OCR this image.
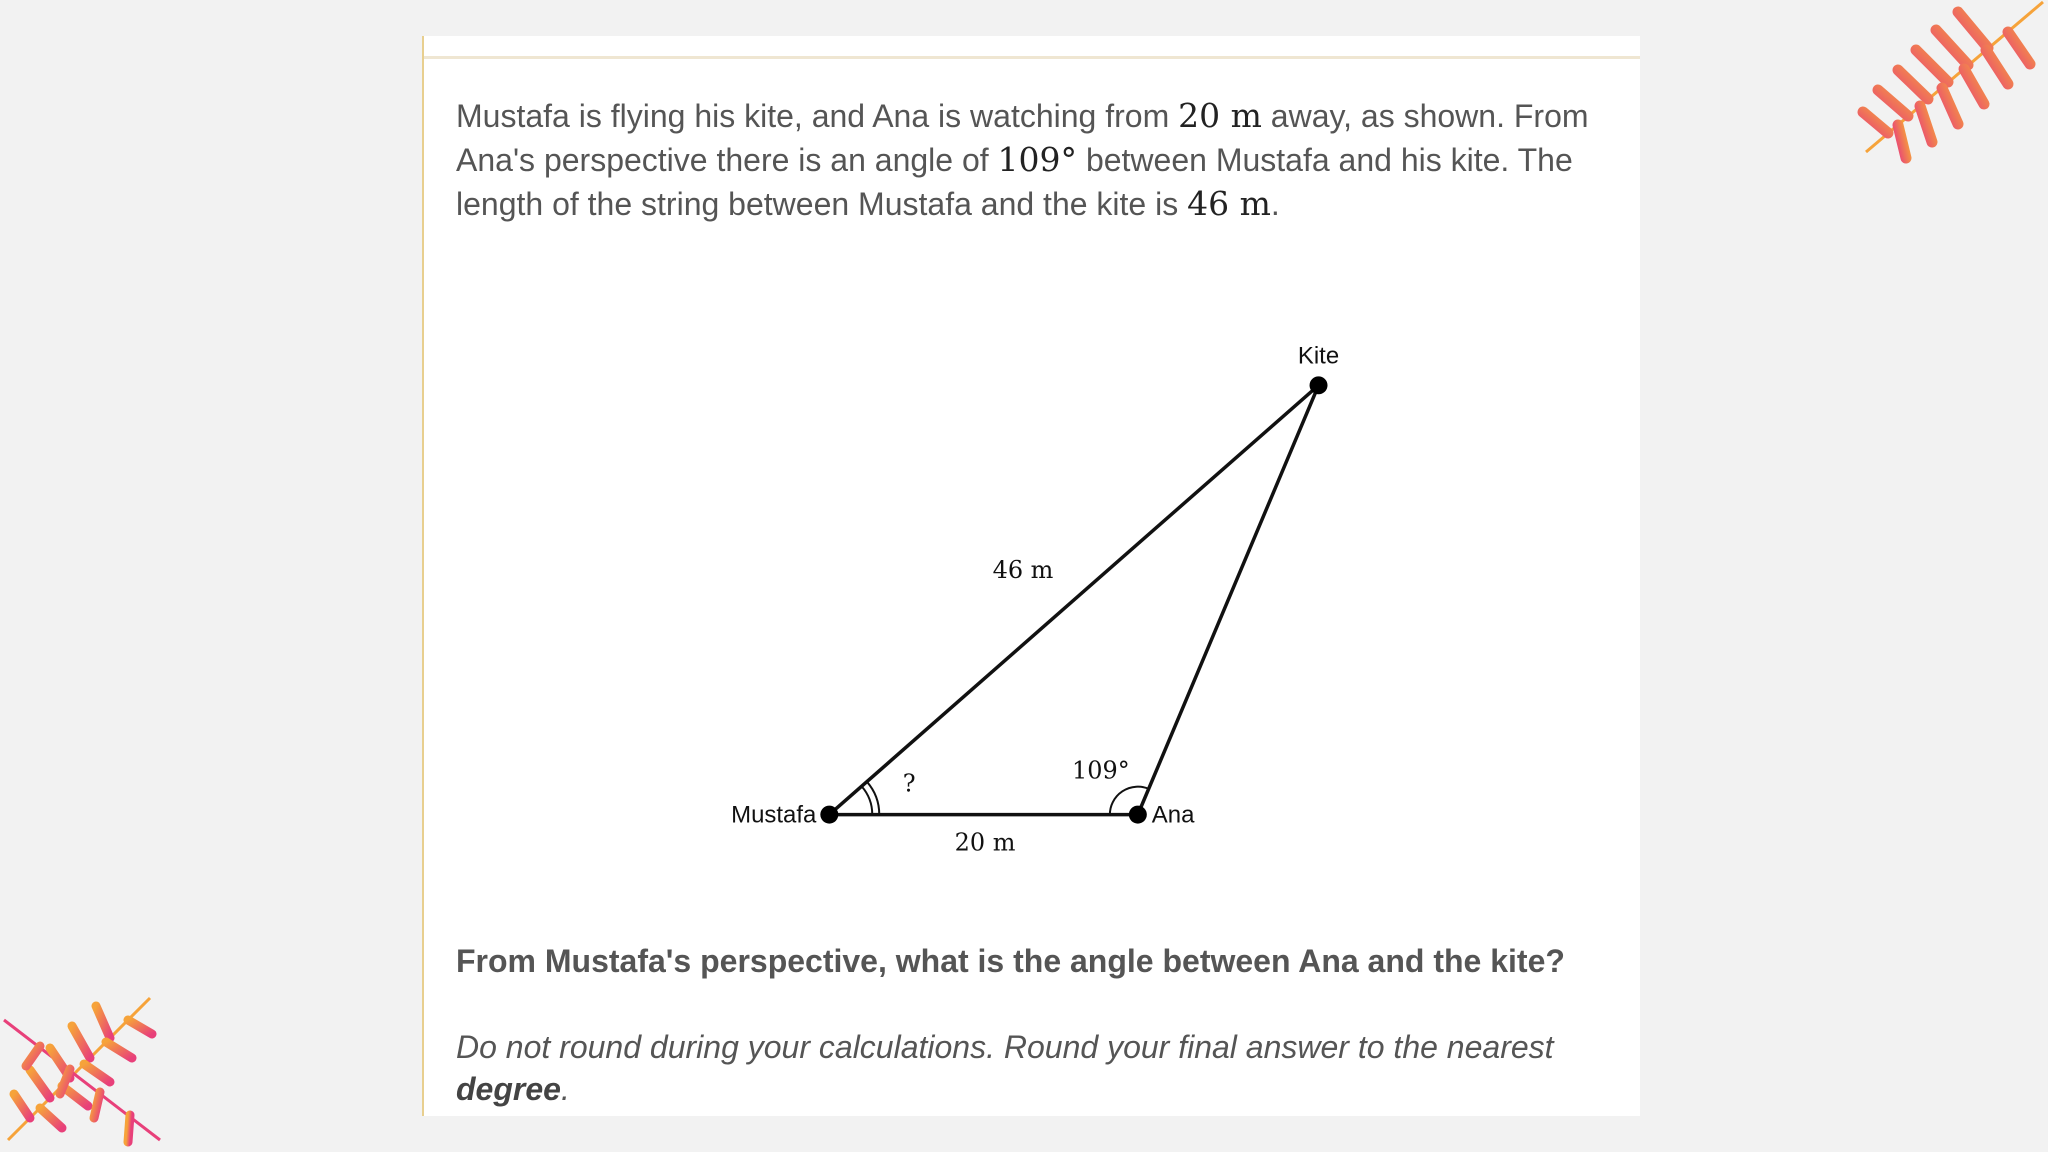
Mustafa is flying his kite, and Ana is watching from 20 m away, as shown. From Ana's perspective there is an angle of 109° between Mustafa and his kite. The length of the string between Mustafa and the kite is 46 m.

Kite
Mustafa	Ana
46 m
20 m
109°
?

From Mustafa's perspective, what is the angle between Ana and the kite?

Do not round during your calculations. Round your final answer to the nearest degree.
